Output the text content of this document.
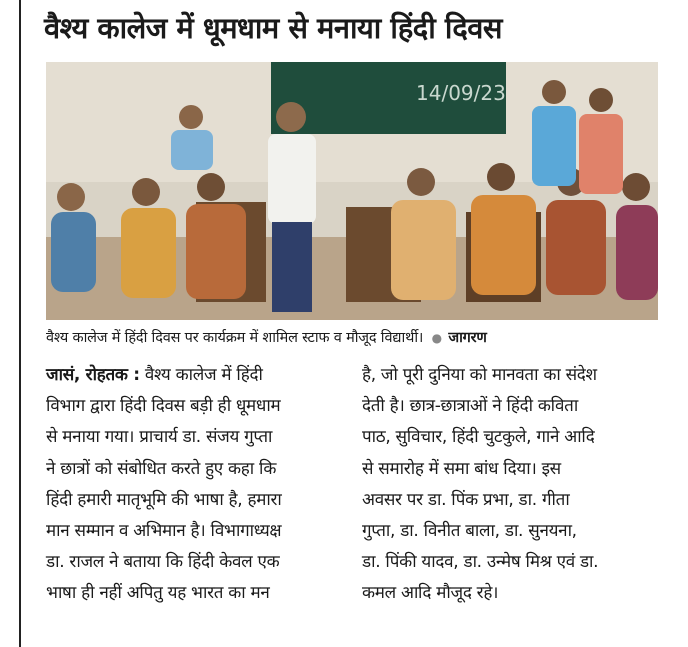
वैश्य कालेज में धूमधाम से मनाया हिंदी दिवस
14/09/23
वैश्य कालेज में हिंदी दिवस पर कार्यक्रम में शामिल स्टाफ व मौजूद विद्यार्थी। ● जागरण
जासं, रोहतक : वैश्य कालेज में हिंदी
विभाग द्वारा हिंदी दिवस बड़ी ही धूमधाम
से मनाया गया। प्राचार्य डा. संजय गुप्ता
ने छात्रों को संबोधित करते हुए कहा कि
हिंदी हमारी मातृभूमि की भाषा है, हमारा
मान सम्मान व अभिमान है। विभागाध्यक्ष
डा. राजल ने बताया कि हिंदी केवल एक
भाषा ही नहीं अपितु यह भारत का मन
है, जो पूरी दुनिया को मानवता का संदेश
देती है। छात्र-छात्राओं ने हिंदी कविता
पाठ, सुविचार, हिंदी चुटकुले, गाने आदि
से समारोह में समा बांध दिया। इस
अवसर पर डा. पिंक प्रभा, डा. गीता
गुप्ता, डा. विनीत बाला, डा. सुनयना,
डा. पिंकी यादव, डा. उन्मेष मिश्र एवं डा.
कमल आदि मौजूद रहे।
